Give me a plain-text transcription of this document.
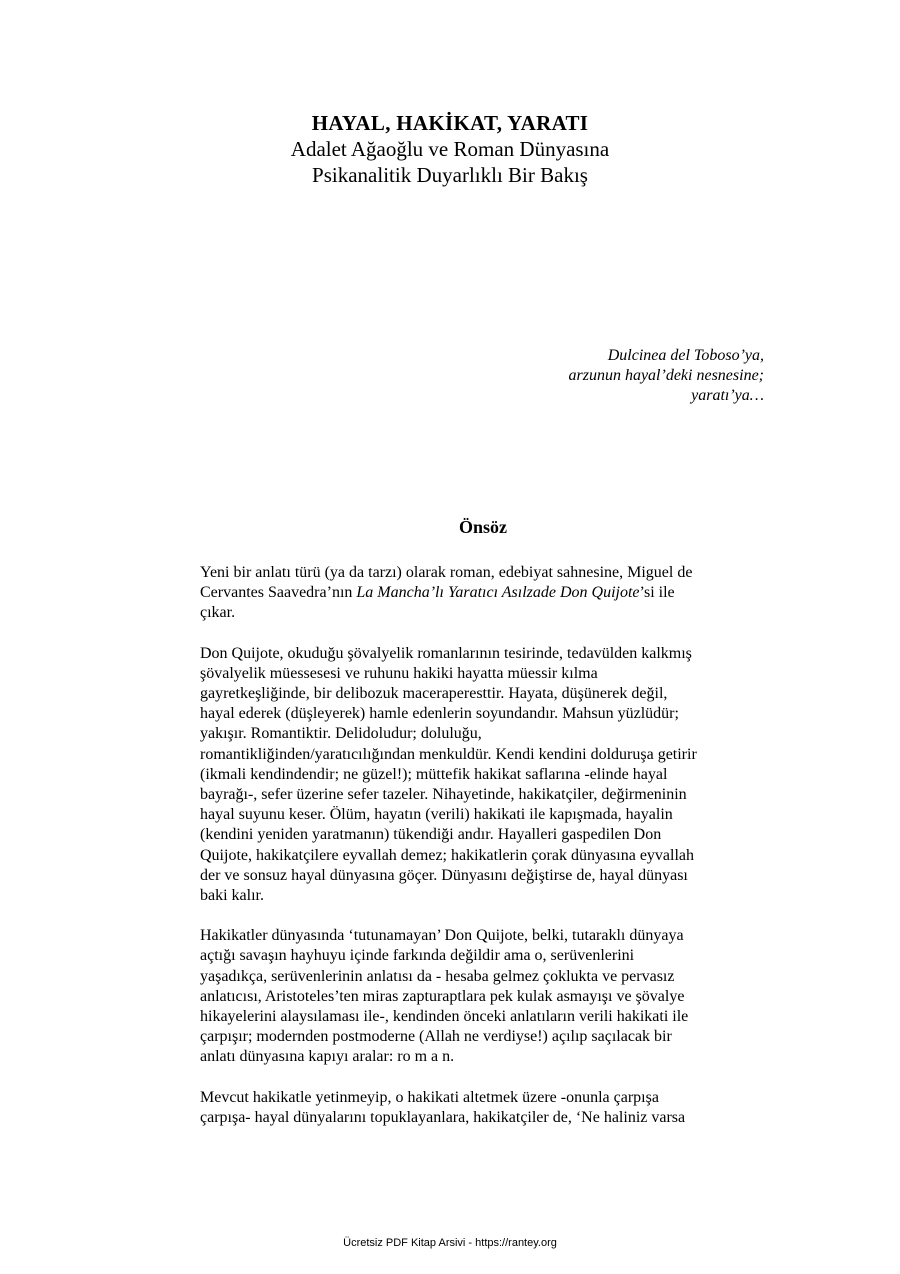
HAYAL, HAKİKAT, YARATI
Adalet Ağaoğlu ve Roman Dünyasına
Psikanalitik Duyarlıklı Bir Bakış
Dulcinea del Toboso’ya,
arzunun hayal’deki nesnesine;
yaratı’ya…
Önsöz

Yeni bir anlatı türü (ya da tarzı) olarak roman, edebiyat sahnesine, Miguel de
Cervantes Saavedra’nın La Mancha’lı Yaratıcı Asılzade Don Quijote’si ile
çıkar.

Don Quijote, okuduğu şövalyelik romanlarının tesirinde, tedavülden kalkmış
şövalyelik müessesesi ve ruhunu hakiki hayatta müessir kılma
gayretkeşliğinde, bir delibozuk maceraperesttir. Hayata, düşünerek değil,
hayal ederek (düşleyerek) hamle edenlerin soyundandır. Mahsun yüzlüdür;
yakışır. Romantiktir. Delidoludur; doluluğu,
romantikliğinden/yaratıcılığından menkuldür. Kendi kendini dolduruşa getirir
(ikmali kendindendir; ne güzel!); müttefik hakikat saflarına -elinde hayal
bayrağı-, sefer üzerine sefer tazeler. Nihayetinde, hakikatçiler, değirmeninin
hayal suyunu keser. Ölüm, hayatın (verili) hakikati ile kapışmada, hayalin
(kendini yeniden yaratmanın) tükendiği andır. Hayalleri gaspedilen Don
Quijote, hakikatçilere eyvallah demez; hakikatlerin çorak dünyasına eyvallah
der ve sonsuz hayal dünyasına göçer. Dünyasını değiştirse de, hayal dünyası
baki kalır.

Hakikatler dünyasında ‘tutunamayan’ Don Quijote, belki, tutaraklı dünyaya
açtığı savaşın hayhuyu içinde farkında değildir ama o, serüvenlerini
yaşadıkça, serüvenlerinin anlatısı da - hesaba gelmez çoklukta ve pervasız
anlatıcısı, Aristoteles’ten miras zapturaptlara pek kulak asmayışı ve şövalye
hikayelerini alaysılaması ile-, kendinden önceki anlatıların verili hakikati ile
çarpışır; modernden postmoderne (Allah ne verdiyse!) açılıp saçılacak bir
anlatı dünyasına kapıyı aralar: ro m a n.

Mevcut hakikatle yetinmeyip, o hakikati altetmek üzere -onunla çarpışa
çarpışa- hayal dünyalarını topuklayanlara, hakikatçiler de, ‘Ne haliniz varsa

Ücretsiz PDF Kitap Arsivi - https://rantey.org
